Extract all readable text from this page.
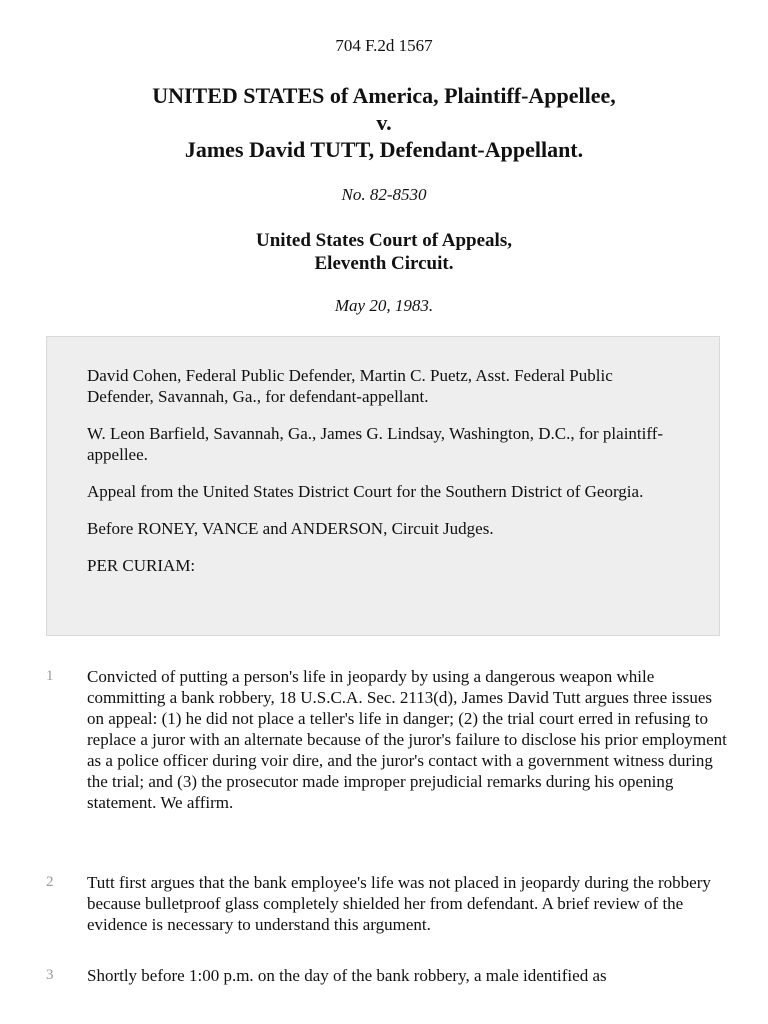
704 F.2d 1567
UNITED STATES of America, Plaintiff-Appellee,
v.
James David TUTT, Defendant-Appellant.
No. 82-8530
United States Court of Appeals,
Eleventh Circuit.
May 20, 1983.

David Cohen, Federal Public Defender, Martin C. Puetz, Asst. Federal Public Defender, Savannah, Ga., for defendant-appellant.

W. Leon Barfield, Savannah, Ga., James G. Lindsay, Washington, D.C., for plaintiff-appellee.

Appeal from the United States District Court for the Southern District of Georgia.

Before RONEY, VANCE and ANDERSON, Circuit Judges.

PER CURIAM:

1 Convicted of putting a person's life in jeopardy by using a dangerous weapon while committing a bank robbery, 18 U.S.C.A. Sec. 2113(d), James David Tutt argues three issues on appeal: (1) he did not place a teller's life in danger; (2) the trial court erred in refusing to replace a juror with an alternate because of the juror's failure to disclose his prior employment as a police officer during voir dire, and the juror's contact with a government witness during the trial; and (3) the prosecutor made improper prejudicial remarks during his opening statement. We affirm.
2 Tutt first argues that the bank employee's life was not placed in jeopardy during the robbery because bulletproof glass completely shielded her from defendant. A brief review of the evidence is necessary to understand this argument.
3 Shortly before 1:00 p.m. on the day of the bank robbery, a male identified as
